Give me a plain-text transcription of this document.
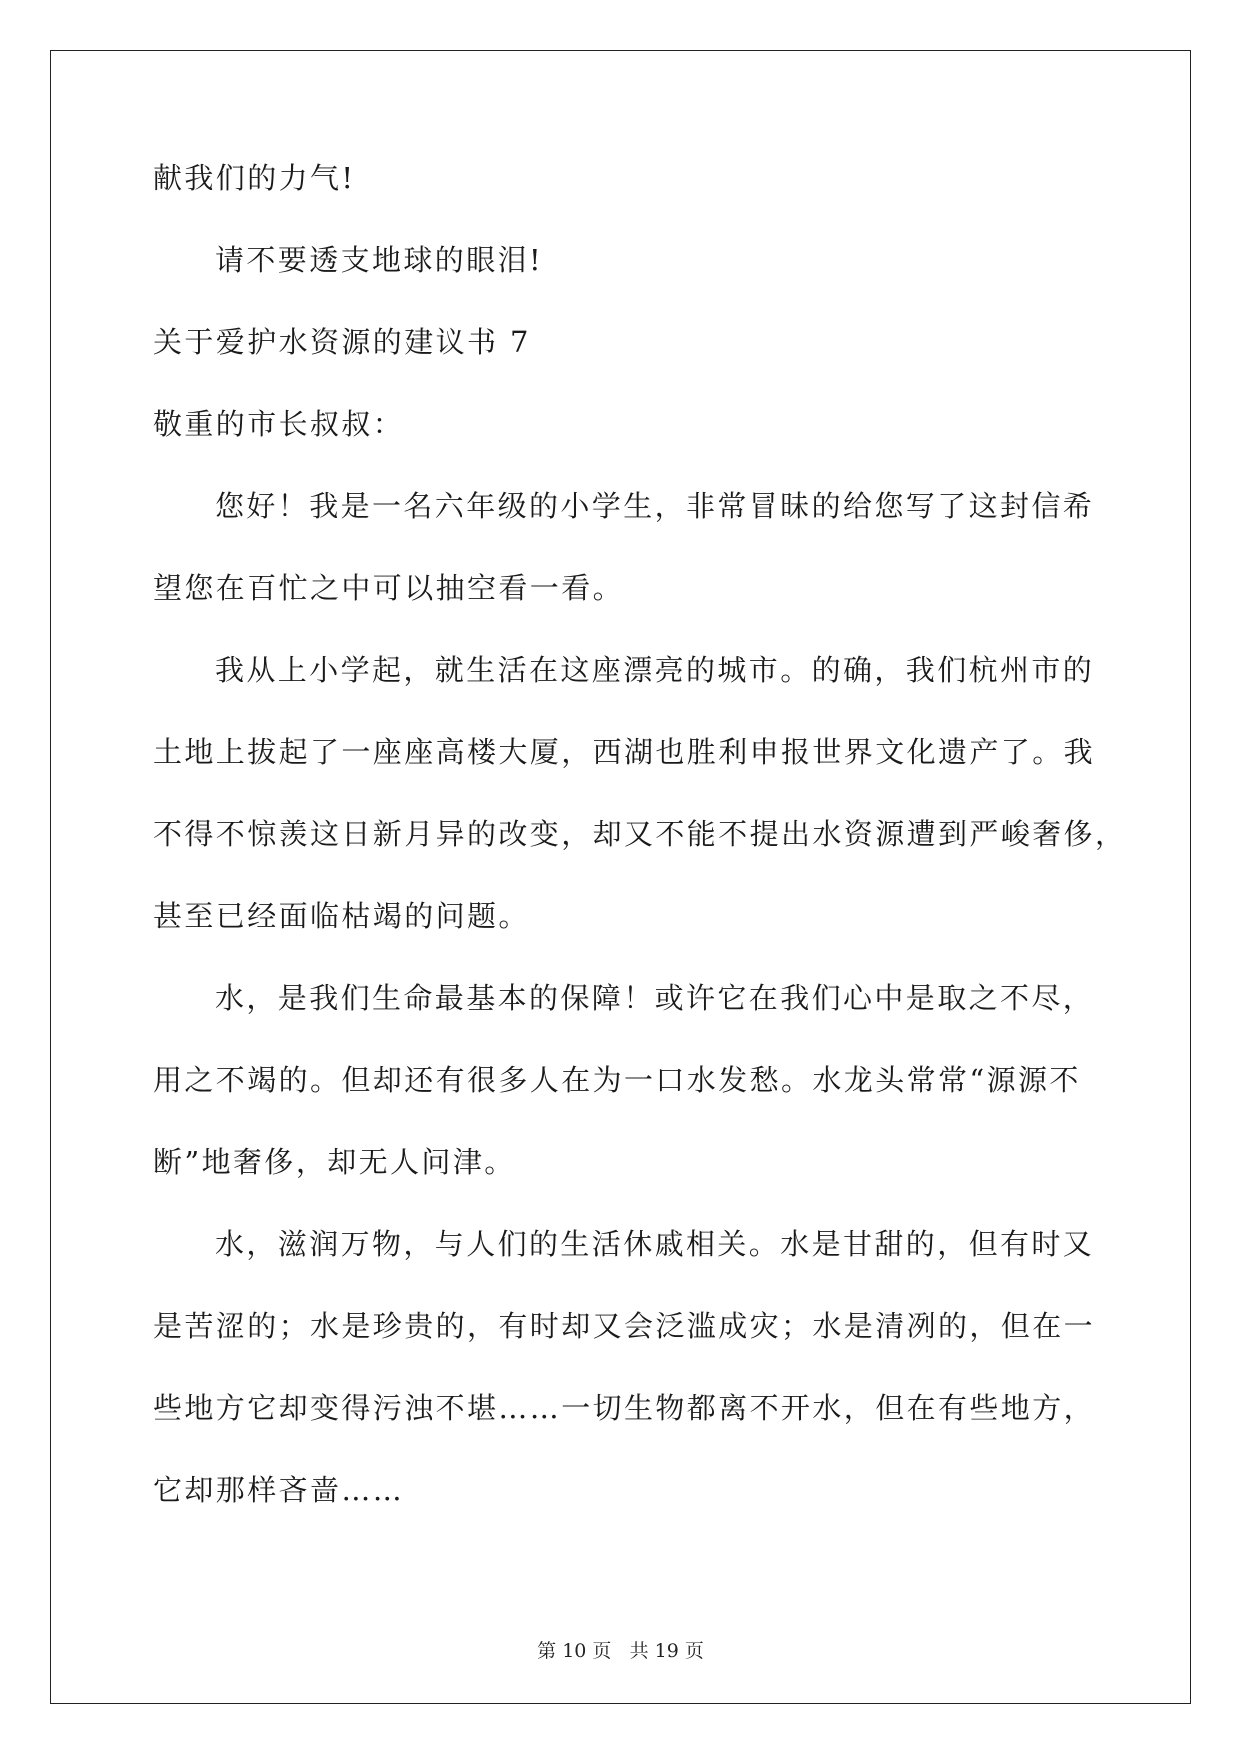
献我们的力气!
请不要透支地球的眼泪!
关于爱护水资源的建议书 7
敬重的市长叔叔：
您好！我是一名六年级的小学生，非常冒昧的给您写了这封信希
望您在百忙之中可以抽空看一看。
我从上小学起，就生活在这座漂亮的城市。的确，我们杭州市的
土地上拔起了一座座高楼大厦，西湖也胜利申报世界文化遗产了。我
不得不惊羡这日新月异的改变，却又不能不提出水资源遭到严峻奢侈，
甚至已经面临枯竭的问题。
水，是我们生命最基本的保障！或许它在我们心中是取之不尽，
用之不竭的。但却还有很多人在为一口水发愁。水龙头常常“源源不
断”地奢侈，却无人问津。
水，滋润万物，与人们的生活休戚相关。水是甘甜的，但有时又
是苦涩的；水是珍贵的，有时却又会泛滥成灾；水是清冽的，但在一
些地方它却变得污浊不堪……一切生物都离不开水，但在有些地方，
它却那样吝啬……
第 10 页 共 19 页
